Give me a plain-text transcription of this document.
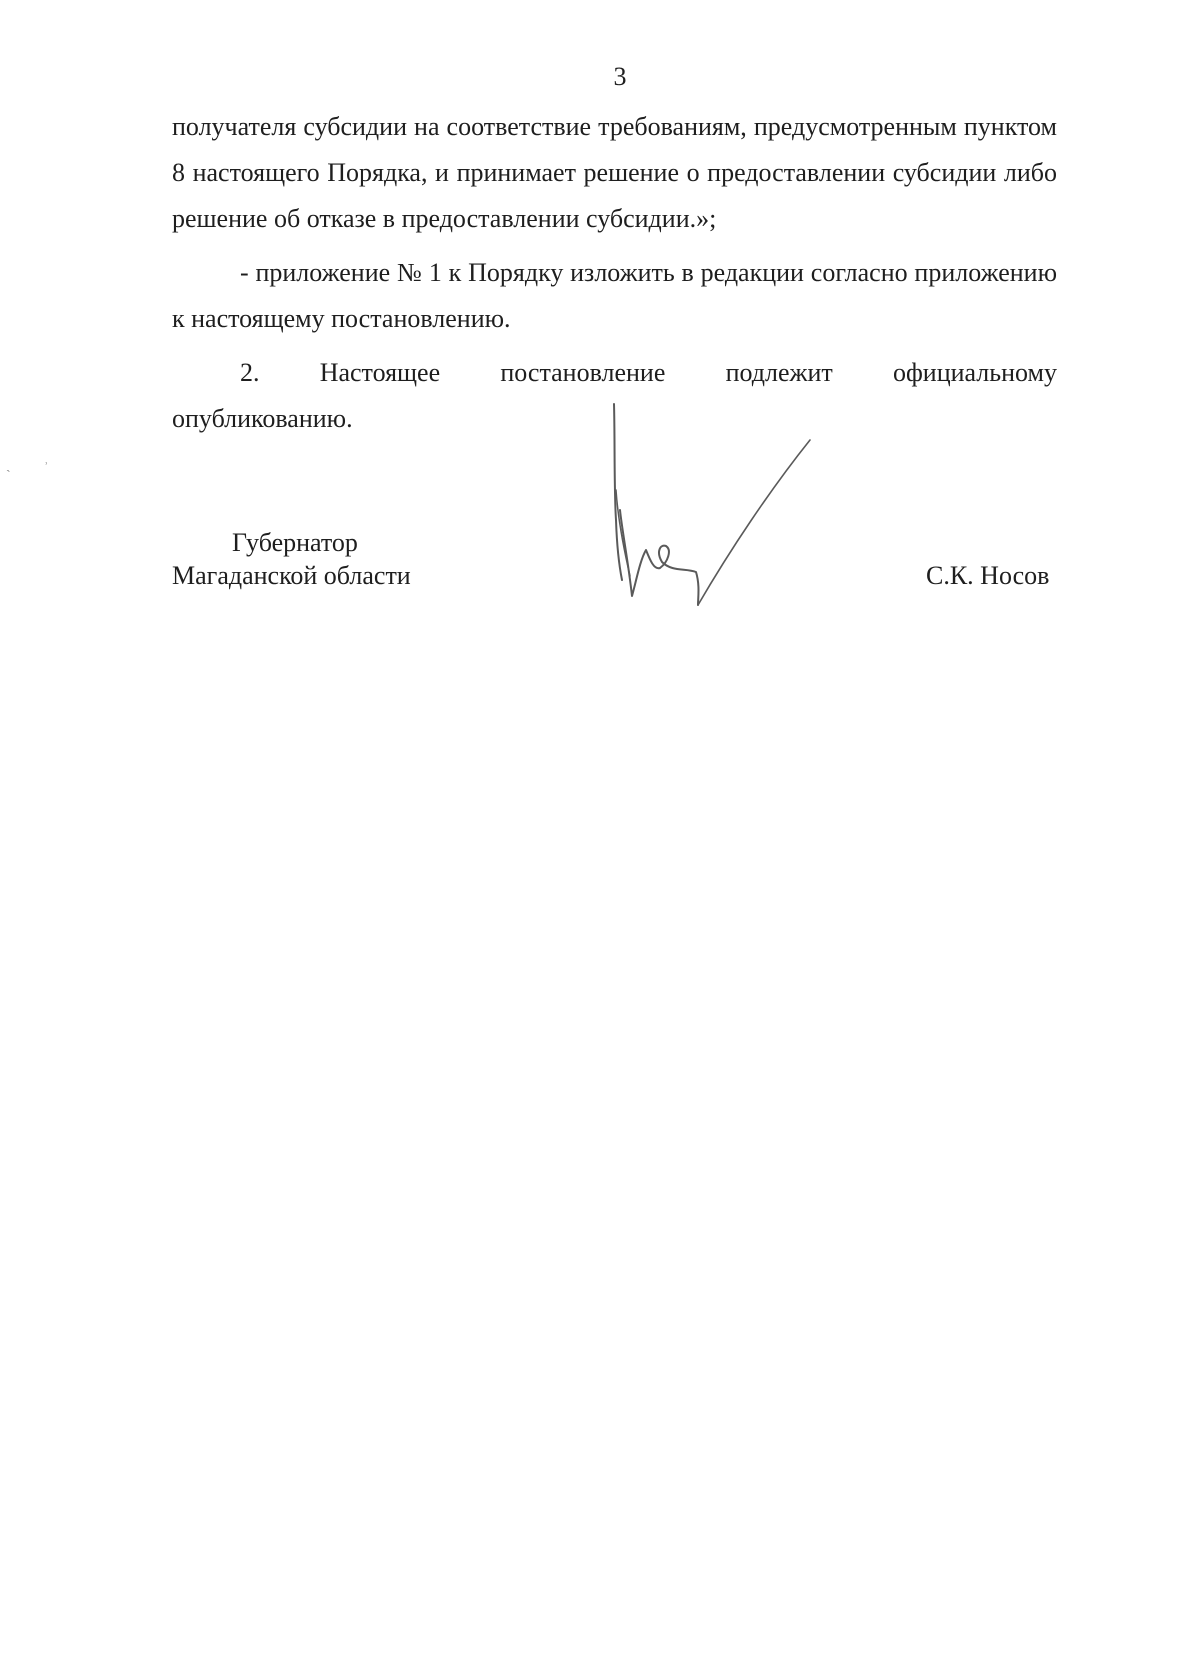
3

получателя субсидии на соответствие требованиям, предусмотренным пунктом 8 настоящего Порядка, и принимает решение о предоставлении субсидии либо решение об отказе в предоставлении субсидии.»;

- приложение № 1 к Порядку изложить в редакции согласно приложению к настоящему постановлению.

2. Настоящее постановление подлежит официальному

опубликованию.

Губернатор
Магаданской области	С.К. Носов
ˎ ˒
